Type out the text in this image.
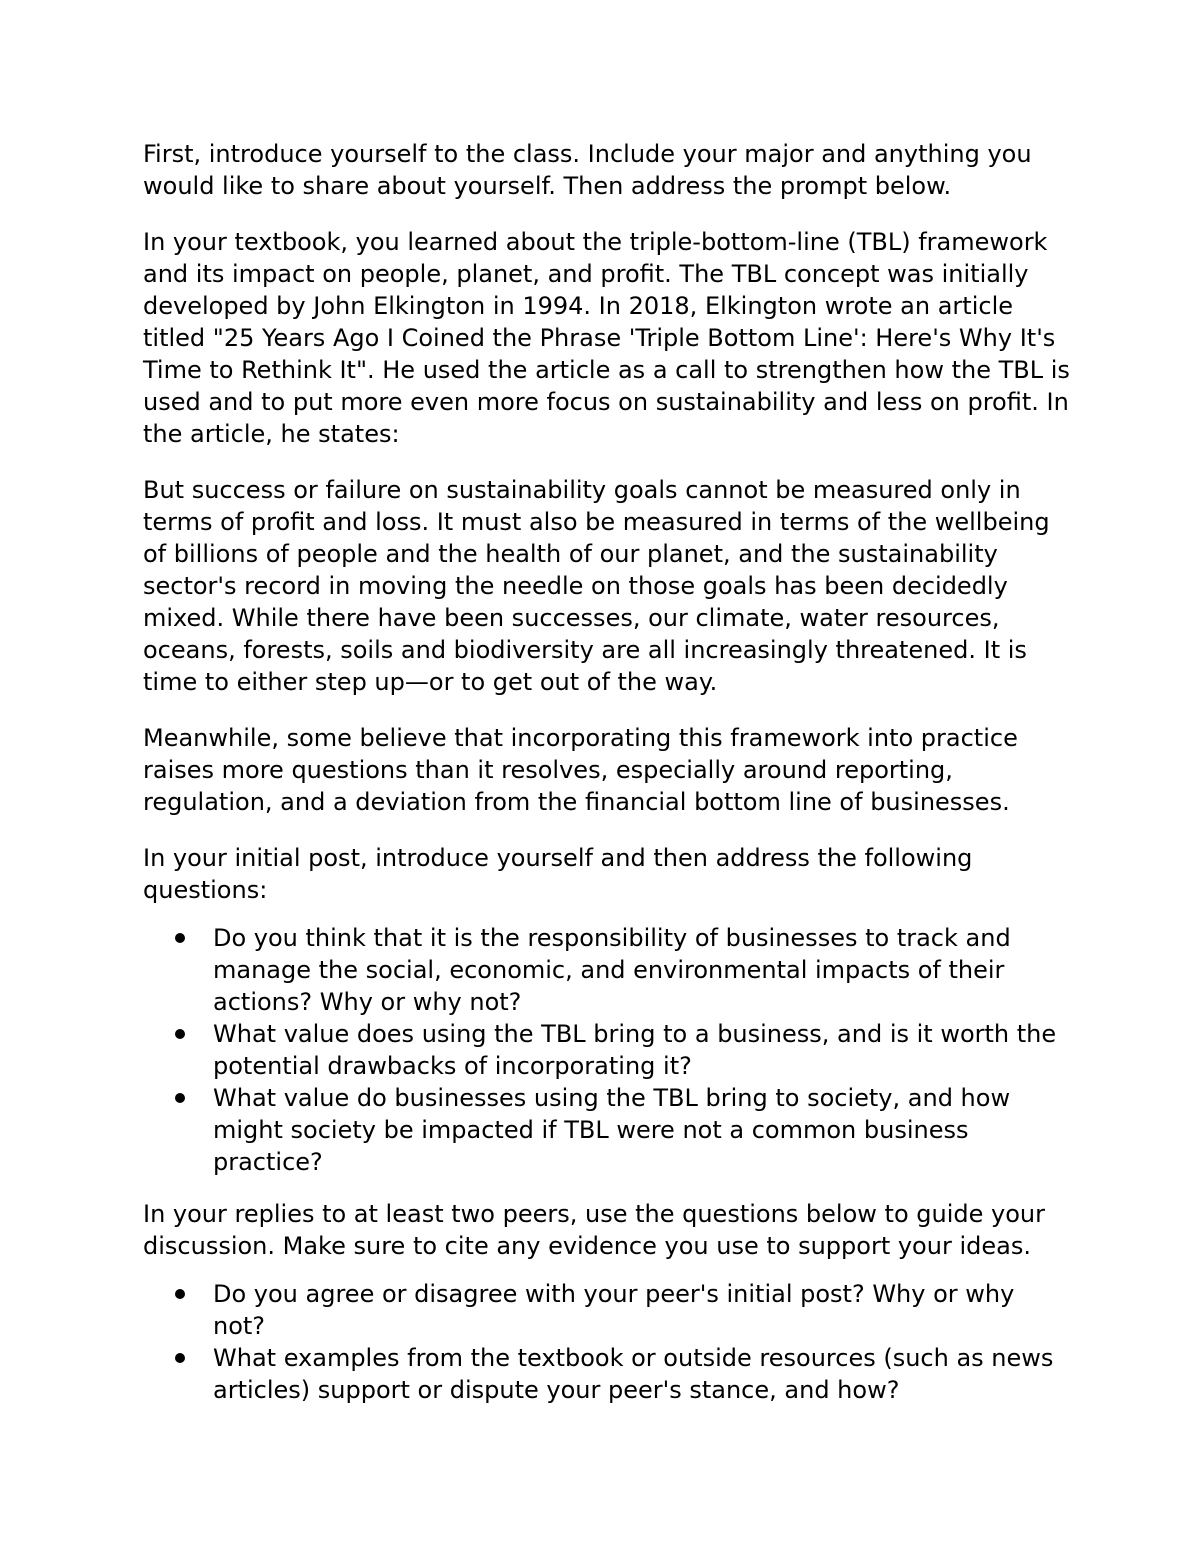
First, introduce yourself to the class. Include your major and anything you would like to share about yourself. Then address the prompt below.

In your textbook, you learned about the triple-bottom-line (TBL) framework and its impact on people, planet, and profit. The TBL concept was initially developed by John Elkington in 1994. In 2018, Elkington wrote an article titled "25 Years Ago I Coined the Phrase 'Triple Bottom Line': Here's Why It's Time to Rethink It". He used the article as a call to strengthen how the TBL is used and to put more even more focus on sustainability and less on profit. In the article, he states:

But success or failure on sustainability goals cannot be measured only in terms of profit and loss. It must also be measured in terms of the wellbeing of billions of people and the health of our planet, and the sustainability sector's record in moving the needle on those goals has been decidedly mixed. While there have been successes, our climate, water resources, oceans, forests, soils and biodiversity are all increasingly threatened. It is time to either step up—or to get out of the way.

Meanwhile, some believe that incorporating this framework into practice raises more questions than it resolves, especially around reporting, regulation, and a deviation from the financial bottom line of businesses.

In your initial post, introduce yourself and then address the following questions:

Do you think that it is the responsibility of businesses to track and manage the social, economic, and environmental impacts of their actions? Why or why not?
What value does using the TBL bring to a business, and is it worth the potential drawbacks of incorporating it?
What value do businesses using the TBL bring to society, and how might society be impacted if TBL were not a common business practice?

In your replies to at least two peers, use the questions below to guide your discussion. Make sure to cite any evidence you use to support your ideas.

Do you agree or disagree with your peer's initial post? Why or why not?
What examples from the textbook or outside resources (such as news articles) support or dispute your peer's stance, and how?
